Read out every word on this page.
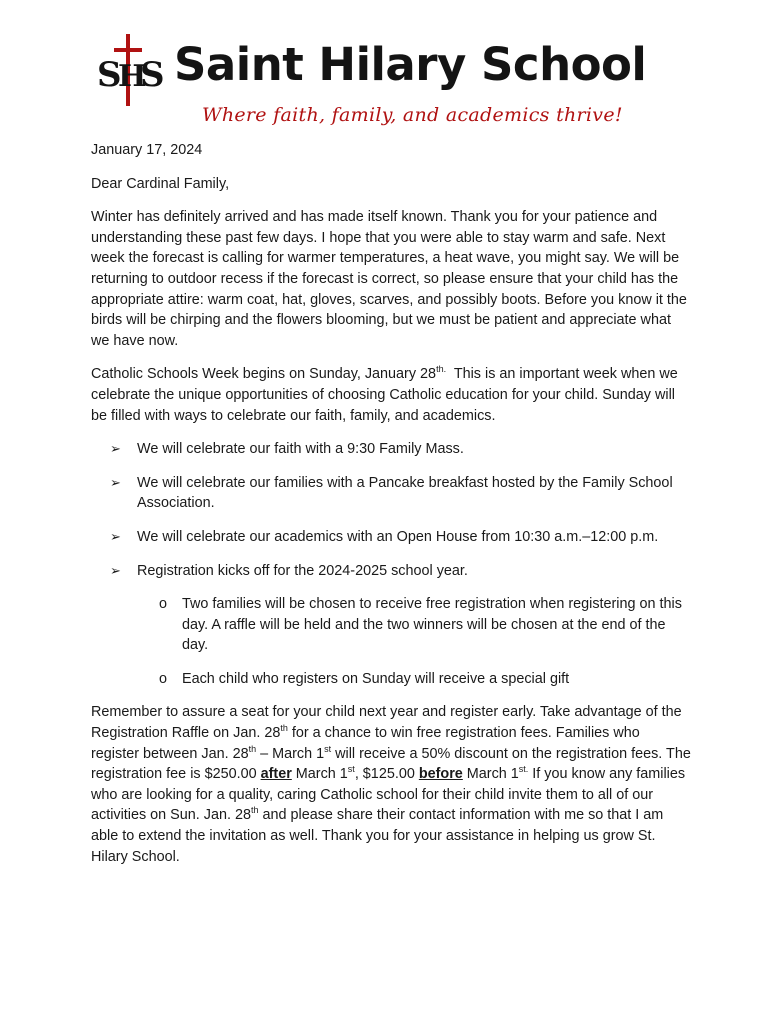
S
H
S Saint Hilary School
Where faith, family, and academics thrive!

January 17, 2024

Dear Cardinal Family,

Winter has definitely arrived and has made itself known. Thank you for your patience and understanding these past few days. I hope that you were able to stay warm and safe. Next week the forecast is calling for warmer temperatures, a heat wave, you might say. We will be returning to outdoor recess if the forecast is correct, so please ensure that your child has the appropriate attire: warm coat, hat, gloves, scarves, and possibly boots. Before you know it the birds will be chirping and the flowers blooming, but we must be patient and appreciate what we have now.

Catholic Schools Week begins on Sunday, January $28^{th.}$  This is an important week when we celebrate the unique opportunities of choosing Catholic education for your child. Sunday will be filled with ways to celebrate our faith, family, and academics.

➢ We will celebrate our faith with a 9:30 Family Mass.
➢ We will celebrate our families with a Pancake breakfast hosted by the Family School Association.
➢ We will celebrate our academics with an Open House from 10:30 a.m.–12:00 p.m.
➢ Registration kicks off for the 2024-2025 school year.
o Two families will be chosen to receive free registration when registering on this day. A raffle will be held and the two winners will be chosen at the end of the day.
o Each child who registers on Sunday will receive a special gift

Remember to assure a seat for your child next year and register early. Take advantage of the Registration Raffle on Jan. 28th for a chance to win free registration fees. Families who register between Jan. 28th – March 1st will receive a 50% discount on the registration fees. The registration fee is $250.00 after March 1st, $125.00 before March $1^{st.}$ If you know any families who are looking for a quality, caring Catholic school for their child invite them to all of our activities on Sun. Jan. 28th and please share their contact information with me so that I am able to extend the invitation as well. Thank you for your assistance in helping us grow St. Hilary School.
